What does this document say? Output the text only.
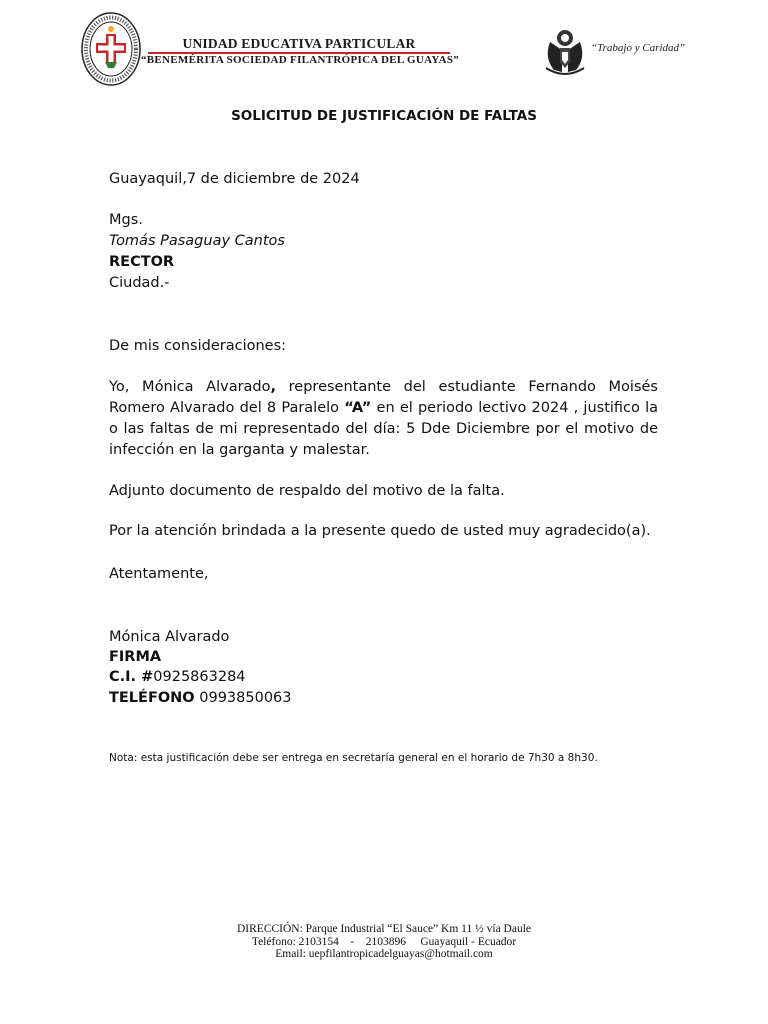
UNIDAD EDUCATIVA PARTICULAR
“BENEMÉRITA SOCIEDAD FILANTRÓPICA DEL GUAYAS”
“Trabajo y Caridad”
SOLICITUD DE JUSTIFICACIÓN DE FALTAS
Guayaquil,7 de diciembre de 2024
Mgs.
Tomás Pasaguay Cantos
RECTOR
Ciudad.-
De mis consideraciones:
Yo, Mónica Alvarado, representante del estudiante Fernando Moisés Romero Alvarado del 8 Paralelo “A” en el periodo lectivo 2024 , justifico la o las faltas de mi representado del día: 5 Dde Diciembre por el motivo de infección en la garganta y malestar.
Adjunto documento de respaldo del motivo de la falta.
Por la atención brindada a la presente quedo de usted muy agradecido(a).
Atentamente,
Mónica Alvarado
FIRMA
C.I. #0925863284
TELÉFONO 0993850063
Nota: esta justificación debe ser entrega en secretaría general en el horario de 7h30 a 8h30.
DIRECCIÓN: Parque Industrial “El Sauce” Km 11 ½ vía Daule
Teléfono: 2103154    -    2103896     Guayaquil - Ecuador
Email: uepfilantropicadelguayas@hotmail.com
